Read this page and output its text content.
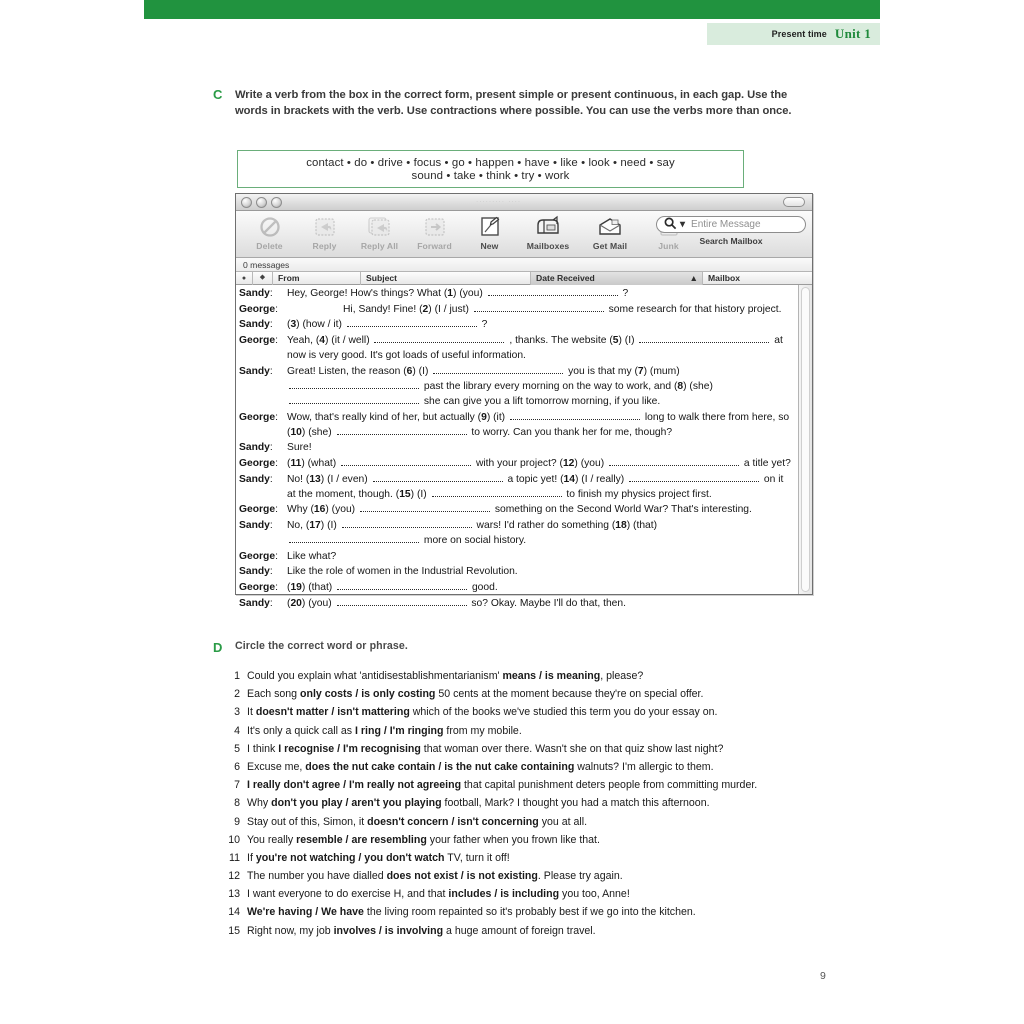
Present time Unit 1
C Write a verb from the box in the correct form, present simple or present continuous, in each gap. Use the words in brackets with the verb. Use contractions where possible. You can use the verbs more than once.
contact • do • drive • focus • go • happen • have • like • look • need • say
sound • take • think • try • work
......... ....
Delete	Reply	Reply All Forward	New	Mailboxes	Get Mail	Junk
▾ Entire Message
Search Mailbox
0 messages
● ⬥	From	Subject	Date Received	▲	Mailbox
Sandy:	Hey, George! How's things? What (1) (you)	?
George:	Hi, Sandy! Fine! (2) (I / just)	some research for that history project.
Sandy:	(3) (how / it)	?
George: Yeah, (4) (it / well)	, thanks. The website (5) (I)	at now is very good. It's got loads of useful information.
Sandy:	Great! Listen, the reason (6) (I)	you is that my (7) (mum)  past the library every morning on the way to work, and (8) (she)  she can give you a lift tomorrow morning, if you like.
George: Wow, that's really kind of her, but actually (9) (it)	long to walk there from here, so (10) (she)	to worry. Can you thank her for me, though?
Sandy:	Sure!
George: (11) (what)	with your project? (12) (you)	a title yet?
Sandy:	No! (13) (I / even)	a topic yet! (14) (I / really)	on it at the moment, though. (15) (I)	to finish my physics project first.
George: Why (16) (you)	something on the Second World War? That's interesting.
Sandy:	No, (17) (I)	wars! I'd rather do something (18) (that)  more on social history.
George: Like what?
Sandy:	Like the role of women in the Industrial Revolution.
George: (19) (that)	good.
Sandy:	(20) (you)	so? Okay. Maybe I'll do that, then.
D Circle the correct word or phrase.
1 Could you explain what 'antidisestablishmentarianism' means / is meaning, please?
2 Each song only costs / is only costing 50 cents at the moment because they're on special offer.
3 It doesn't matter / isn't mattering which of the books we've studied this term you do your essay on.
4 It's only a quick call as I ring / I'm ringing from my mobile.
5 I think I recognise / I'm recognising that woman over there. Wasn't she on that quiz show last night?
6 Excuse me, does the nut cake contain / is the nut cake containing walnuts? I'm allergic to them.
7 I really don't agree / I'm really not agreeing that capital punishment deters people from committing murder.
8 Why don't you play / aren't you playing football, Mark? I thought you had a match this afternoon.
9 Stay out of this, Simon, it doesn't concern / isn't concerning you at all.
10 You really resemble / are resembling your father when you frown like that.
11 If you're not watching / you don't watch TV, turn it off!
12 The number you have dialled does not exist / is not existing. Please try again.
13 I want everyone to do exercise H, and that includes / is including you too, Anne!
14 We're having / We have the living room repainted so it's probably best if we go into the kitchen.
15 Right now, my job involves / is involving a huge amount of foreign travel.
9
